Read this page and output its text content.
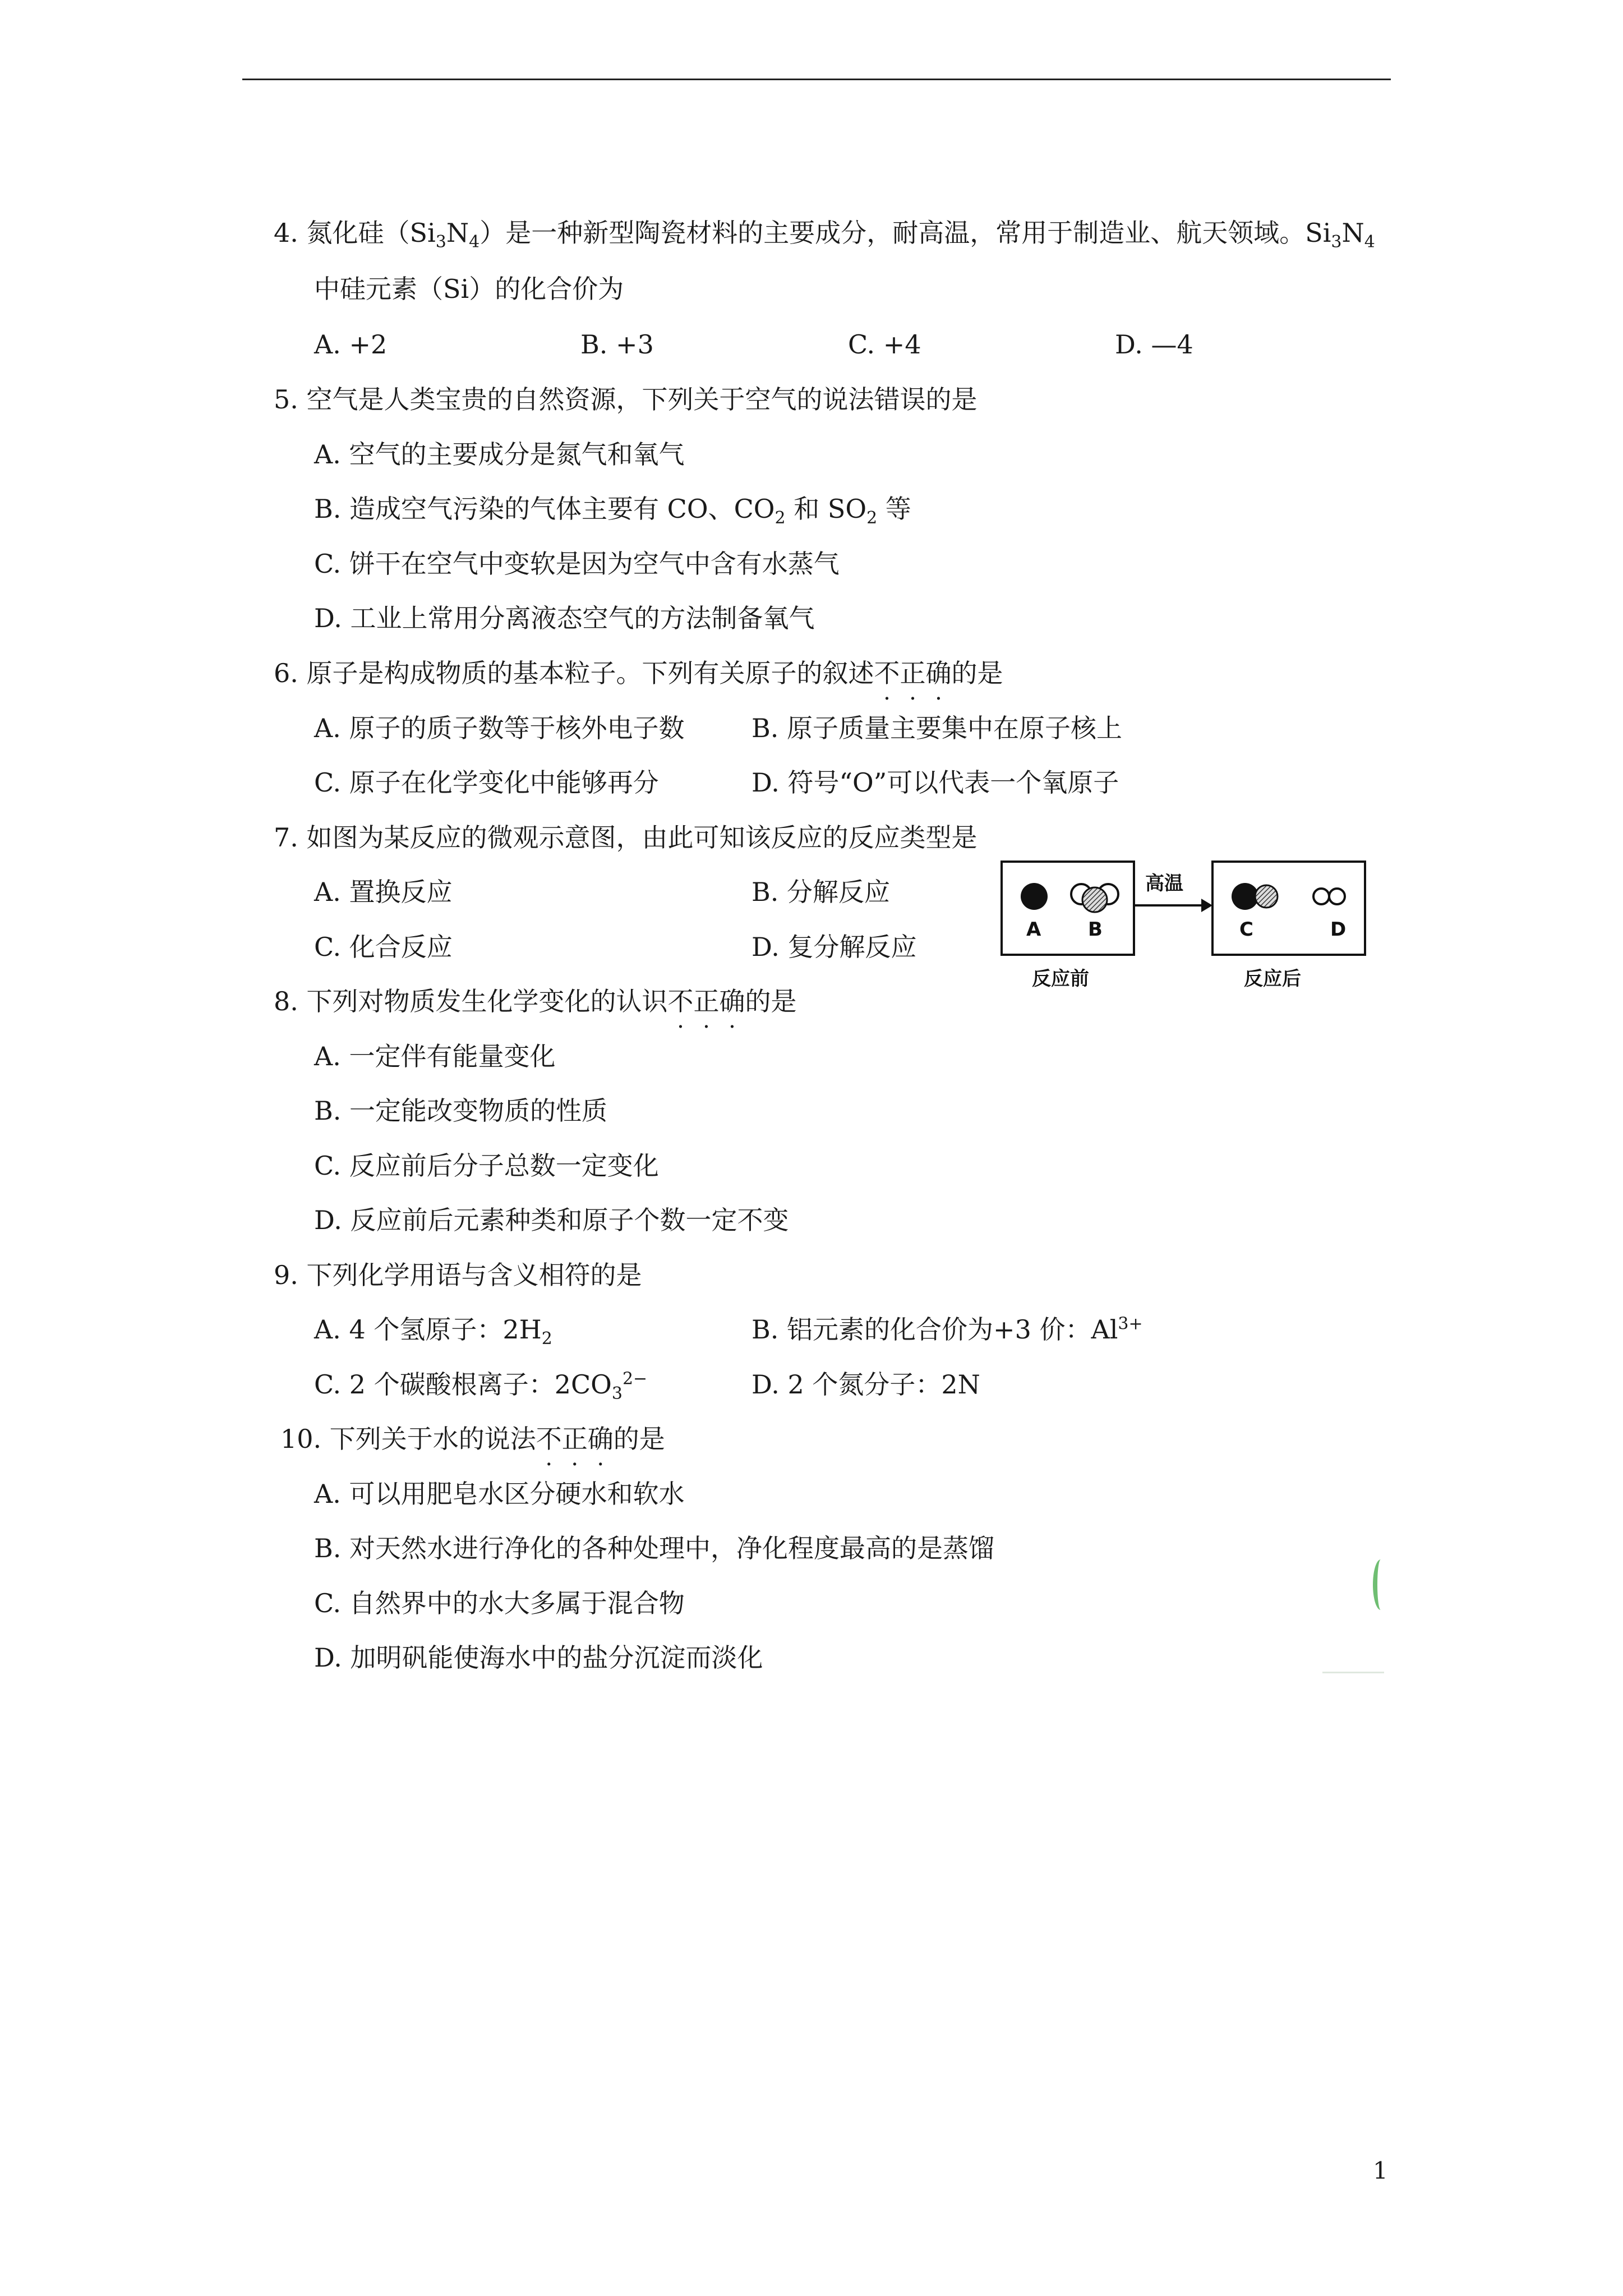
4. 氮化硅$(Si_3N_4)$是一种新型陶瓷材料的主要成分，耐高温，常用于制造业、航天领域。$Si_3N_4$
中硅元素（Si）的化合价为
A. +2	B. +3	C. +4	D. —4
5. 空气是人类宝贵的自然资源，下列关于空气的说法错误的是
A. 空气的主要成分是氮气和氧气
B. 造成空气污染的气体主要有 CO、$CO_2$ 和 $SO_2$ 等
C. 饼干在空气中变软是因为空气中含有水蒸气
D. 工业上常用分离液态空气的方法制备氧气
6. 原子是构成物质的基本粒子。下列有关原子的叙述不正确的是
A. 原子的质子数等于核外电子数	B. 原子质量主要集中在原子核上
C. 原子在化学变化中能够再分	D. 符号“O”可以代表一个氧原子
7. 如图为某反应的微观示意图，由此可知该反应的反应类型是
A. 置换反应	B. 分解反应
C. 化合反应	D. 复分解反应
A B
高温
C	D
反应前	反应后
8. 下列对物质发生化学变化的认识不正确的是
A. 一定伴有能量变化
B. 一定能改变物质的性质
C. 反应前后分子总数一定变化
D. 反应前后元素种类和原子个数一定不变
9. 下列化学用语与含义相符的是
A. 4 个氢原子：$2H_2$	B. 铝元素的化合价为+3 价：$Al^{3+}$
C. 2 个碳酸根离子：$2CO_3^{2-}$	D. 2 个氮分子：2N
10. 下列关于水的说法不正确的是
A. 可以用肥皂水区分硬水和软水
B. 对天然水进行净化的各种处理中，净化程度最高的是蒸馏
C. 自然界中的水大多属于混合物
D. 加明矾能使海水中的盐分沉淀而淡化
1
